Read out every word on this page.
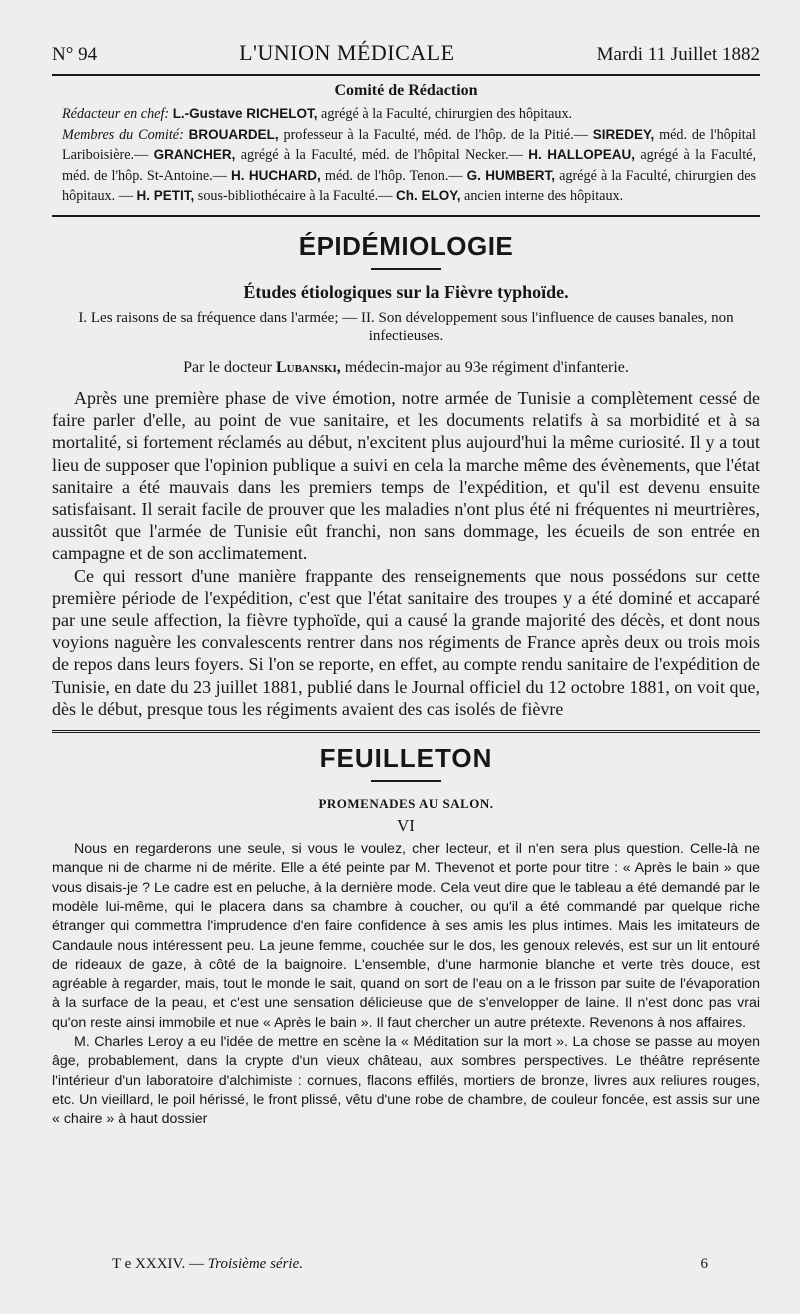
N° 94	L'UNION MÉDICALE	Mardi 11 Juillet 1882
Comité de Rédaction
Rédacteur en chef: L.-Gustave RICHELOT, agrégé à la Faculté, chirurgien des hôpitaux.
Membres du Comité: BROUARDEL, professeur à la Faculté, méd. de l'hôp. de la Pitié.— SIREDEY, méd. de l'hôpital Lariboisière.— GRANCHER, agrégé à la Faculté, méd. de l'hôpital Necker.— H. HALLOPEAU, agrégé à la Faculté, méd. de l'hôp. St-Antoine.— H. HUCHARD, méd. de l'hôp. Tenon.— G. HUMBERT, agrégé à la Faculté, chirurgien des hôpitaux. — H. PETIT, sous-bibliothécaire à la Faculté.— Ch. ELOY, ancien interne des hôpitaux.
ÉPIDÉMIOLOGIE
Études étiologiques sur la Fièvre typhoïde.
I. Les raisons de sa fréquence dans l'armée; — II. Son développement sous l'influence de causes banales, non infectieuses.
Par le docteur Lubanski, médecin-major au 93e régiment d'infanterie.

Après une première phase de vive émotion, notre armée de Tunisie a complètement cessé de faire parler d'elle, au point de vue sanitaire, et les documents relatifs à sa morbidité et à sa mortalité, si fortement réclamés au début, n'excitent plus aujourd'hui la même curiosité. Il y a tout lieu de supposer que l'opinion publique a suivi en cela la marche même des évènements, que l'état sanitaire a été mauvais dans les premiers temps de l'expédition, et qu'il est devenu ensuite satisfaisant. Il serait facile de prouver que les maladies n'ont plus été ni fréquentes ni meurtrières, aussitôt que l'armée de Tunisie eût franchi, non sans dommage, les écueils de son entrée en campagne et de son acclimatement.

Ce qui ressort d'une manière frappante des renseignements que nous possédons sur cette première période de l'expédition, c'est que l'état sanitaire des troupes y a été dominé et accaparé par une seule affection, la fièvre typhoïde, qui a causé la grande majorité des décès, et dont nous voyions naguère les convalescents rentrer dans nos régiments de France après deux ou trois mois de repos dans leurs foyers. Si l'on se reporte, en effet, au compte rendu sanitaire de l'expédition de Tunisie, en date du 23 juillet 1881, publié dans le Journal officiel du 12 octobre 1881, on voit que, dès le début, presque tous les régiments avaient des cas isolés de fièvre

FEUILLETON
PROMENADES AU SALON.
VI

Nous en regarderons une seule, si vous le voulez, cher lecteur, et il n'en sera plus question. Celle-là ne manque ni de charme ni de mérite. Elle a été peinte par M. Thevenot et porte pour titre : « Après le bain » que vous disais-je ? Le cadre est en peluche, à la dernière mode. Cela veut dire que le tableau a été demandé par le modèle lui-même, qui le placera dans sa chambre à coucher, ou qu'il a été commandé par quelque riche étranger qui commettra l'imprudence d'en faire confidence à ses amis les plus intimes. Mais les imitateurs de Candaule nous intéressent peu. La jeune femme, couchée sur le dos, les genoux relevés, est sur un lit entouré de rideaux de gaze, à côté de la baignoire. L'ensemble, d'une harmonie blanche et verte très douce, est agréable à regarder, mais, tout le monde le sait, quand on sort de l'eau on a le frisson par suite de l'évaporation à la surface de la peau, et c'est une sensation délicieuse que de s'envelopper de laine. Il n'est donc pas vrai qu'on reste ainsi immobile et nue « Après le bain ». Il faut chercher un autre prétexte. Revenons à nos affaires.

M. Charles Leroy a eu l'idée de mettre en scène la « Méditation sur la mort ». La chose se passe au moyen âge, probablement, dans la crypte d'un vieux château, aux sombres perspectives. Le théâtre représente l'intérieur d'un laboratoire d'alchimiste : cornues, flacons effilés, mortiers de bronze, livres aux reliures rouges, etc. Un vieillard, le poil hérissé, le front plissé, vêtu d'une robe de chambre, de couleur foncée, est assis sur une « chaire » à haut dossier

T e XXXIV. — Troisième série.	6
